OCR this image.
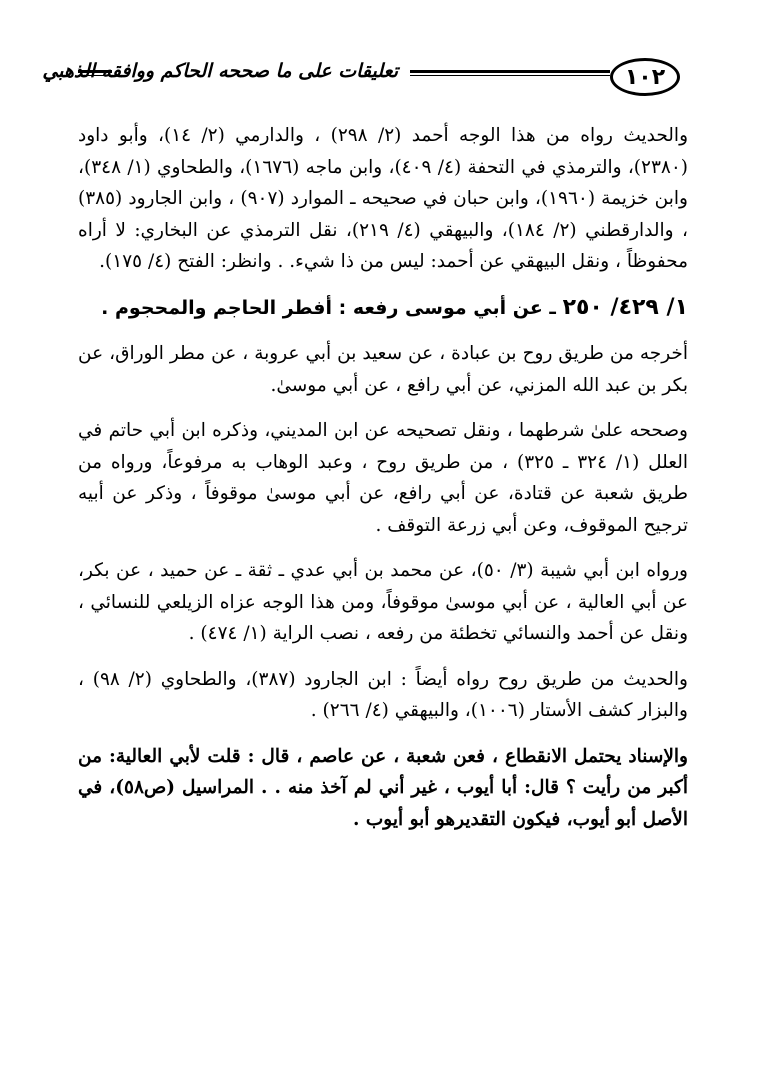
١٠٢
تعليقات على ما صححه الحاكم ووافقه الذهبي

والحديث رواه من هذا الوجه أحمد (٢/ ٢٩٨) ، والدارمي (٢/ ١٤)، وأبو داود (٢٣٨٠)، والترمذي في التحفة (٤/ ٤٠٩)، وابن ماجه (١٦٧٦)، والطحاوي (١/ ٣٤٨)، وابن خزيمة (١٩٦٠)، وابن حبان في صحيحه ـ الموارد (٩٠٧) ، وابن الجارود (٣٨٥) ، والدارقطني (٢/ ١٨٤)، والبيهقي (٤/ ٢١٩)، نقل الترمذي عن البخاري: لا أراه محفوظاً ، ونقل البيهقي عن أحمد: ليس من ذا شيء. . وانظر: الفتح (٤/ ١٧٥).

١/ ٤٢٩/ ٢٥٠ ـ عن أبي موسى رفعه : أفطر الحاجم والمحجوم .

أخرجه من طريق روح بن عبادة ، عن سعيد بن أبي عروبة ، عن مطر الوراق، عن بكر بن عبد الله المزني، عن أبي رافع ، عن أبي موسىٰ.

وصححه علىٰ شرطهما ، ونقل تصحيحه عن ابن المديني، وذكره ابن أبي حاتم في العلل (١/ ٣٢٤ ـ ٣٢٥) ، من طريق روح ، وعبد الوهاب به مرفوعاً، ورواه من طريق شعبة عن قتادة، عن أبي رافع، عن أبي موسىٰ موقوفاً ، وذكر عن أبيه ترجيح الموقوف، وعن أبي زرعة التوقف .

ورواه ابن أبي شيبة (٣/ ٥٠)، عن محمد بن أبي عدي ـ ثقة ـ عن حميد ، عن بكر، عن أبي العالية ، عن أبي موسىٰ موقوفاً، ومن هذا الوجه عزاه الزيلعي للنسائي ، ونقل عن أحمد والنسائي تخطئة من رفعه ، نصب الراية (١/ ٤٧٤) .

والحديث من طريق روح رواه أيضاً : ابن الجارود (٣٨٧)، والطحاوي (٢/ ٩٨) ، والبزار كشف الأستار (١٠٠٦)، والبيهقي (٤/ ٢٦٦) .

والإسناد يحتمل الانقطاع ، فعن شعبة ، عن عاصم ، قال : قلت لأبي العالية: من أكبر من رأيت ؟ قال: أبا أيوب ، غير أني لم آخذ منه . . المراسيل (ص٥٨)، في الأصل أبو أيوب، فيكون التقديرهو أبو أيوب .
